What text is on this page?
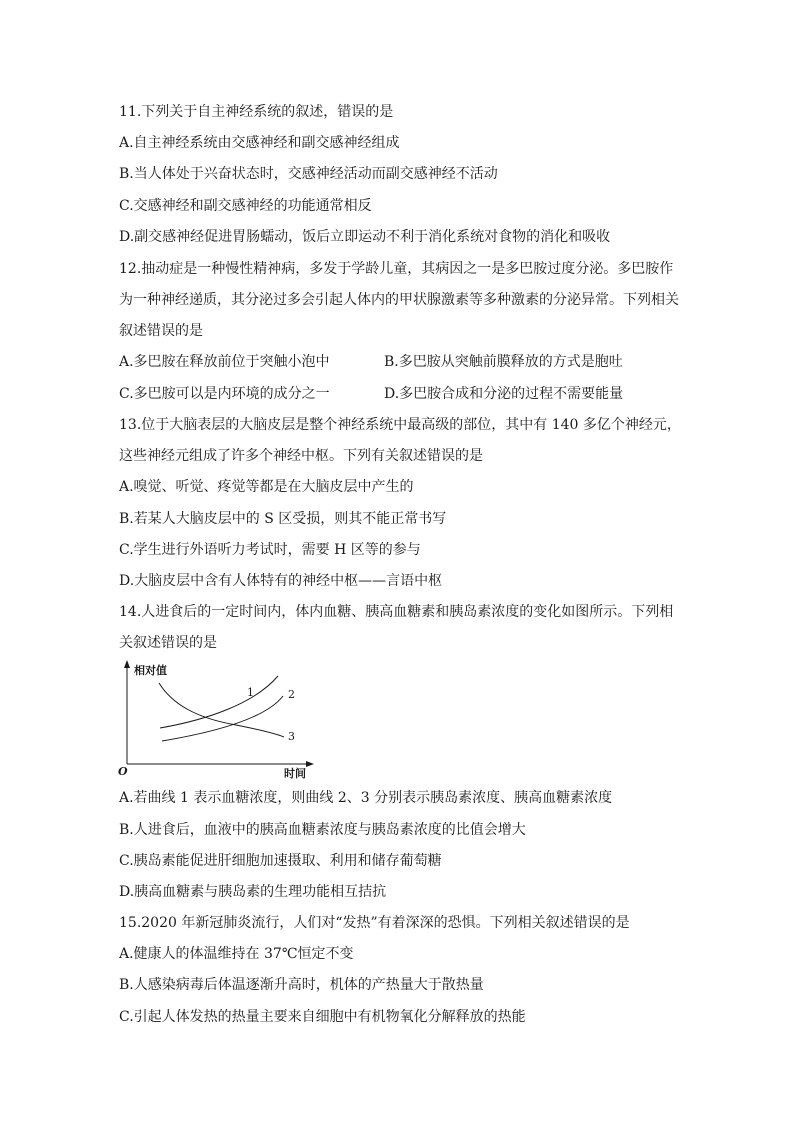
11.下列关于自主神经系统的叙述，错误的是
A.自主神经系统由交感神经和副交感神经组成
B.当人体处于兴奋状态时，交感神经活动而副交感神经不活动
C.交感神经和副交感神经的功能通常相反
D.副交感神经促进胃肠蠕动，饭后立即运动不利于消化系统对食物的消化和吸收
12.抽动症是一种慢性精神病，多发于学龄儿童，其病因之一是多巴胺过度分泌。多巴胺作
为一种神经递质，其分泌过多会引起人体内的甲状腺激素等多种激素的分泌异常。下列相关
叙述错误的是
A.多巴胺在释放前位于突触小泡中	B.多巴胺从突触前膜释放的方式是胞吐
C.多巴胺可以是内环境的成分之一	D.多巴胺合成和分泌的过程不需要能量
13.位于大脑表层的大脑皮层是整个神经系统中最高级的部位，其中有 140 多亿个神经元，
这些神经元组成了许多个神经中枢。下列有关叙述错误的是
A.嗅觉、听觉、疼觉等都是在大脑皮层中产生的
B.若某人大脑皮层中的 S 区受损，则其不能正常书写
C.学生进行外语听力考试时，需要 H 区等的参与
D.大脑皮层中含有人体特有的神经中枢——言语中枢
14.人进食后的一定时间内，体内血糖、胰高血糖素和胰岛素浓度的变化如图所示。下列相
关叙述错误的是
相对值
时间
O
1	2
3
A.若曲线 1 表示血糖浓度，则曲线 2、3 分别表示胰岛素浓度、胰高血糖素浓度
B.人进食后，血液中的胰高血糖素浓度与胰岛素浓度的比值会增大
C.胰岛素能促进肝细胞加速摄取、利用和储存葡萄糖
D.胰高血糖素与胰岛素的生理功能相互拮抗
15.2020 年新冠肺炎流行，人们对“发热”有着深深的恐惧。下列相关叙述错误的是
A.健康人的体温维持在 37℃恒定不变
B.人感染病毒后体温逐渐升高时，机体的产热量大于散热量
C.引起人体发热的热量主要来自细胞中有机物氧化分解释放的热能
